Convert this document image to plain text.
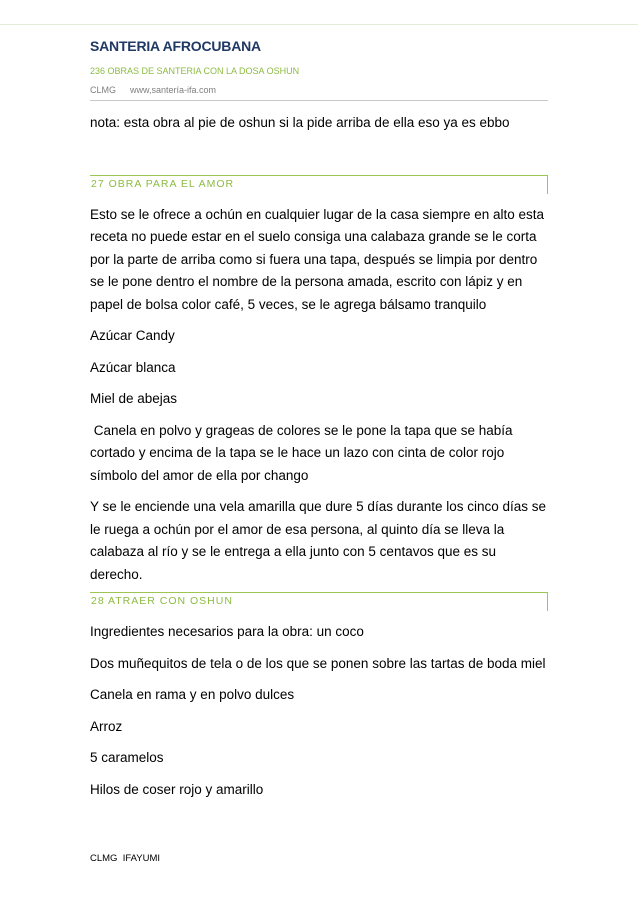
SANTERIA AFROCUBANA
236 OBRAS DE SANTERIA CON LA DOSA OSHUN
CLMG www,santería-ifa.com

nota: esta obra al pie de oshun si la pide arriba de ella eso ya es ebbo

27 OBRA PARA EL AMOR

Esto se le ofrece a ochún en cualquier lugar de la casa siempre en alto esta receta no puede estar en el suelo consiga una calabaza grande se le corta por la parte de arriba como si fuera una tapa, después se limpia por dentro se le pone dentro el nombre de la persona amada, escrito con lápiz y en papel de bolsa color café, 5 veces, se le agrega bálsamo tranquilo

Azúcar Candy

Azúcar blanca

Miel de abejas

Canela en polvo y grageas de colores se le pone la tapa que se había cortado y encima de la tapa se le hace un lazo con cinta de color rojo símbolo del amor de ella por chango

Y se le enciende una vela amarilla que dure 5 días durante los cinco días se le ruega a ochún por el amor de esa persona, al quinto día se lleva la calabaza al río y se le entrega a ella junto con 5 centavos que es su derecho.

28 ATRAER CON OSHUN

Ingredientes necesarios para la obra: un coco

Dos muñequitos de tela o de los que se ponen sobre las tartas de boda miel

Canela en rama y en polvo dulces

Arroz

5 caramelos

Hilos de coser rojo y amarillo

CLMG  IFAYUMI
